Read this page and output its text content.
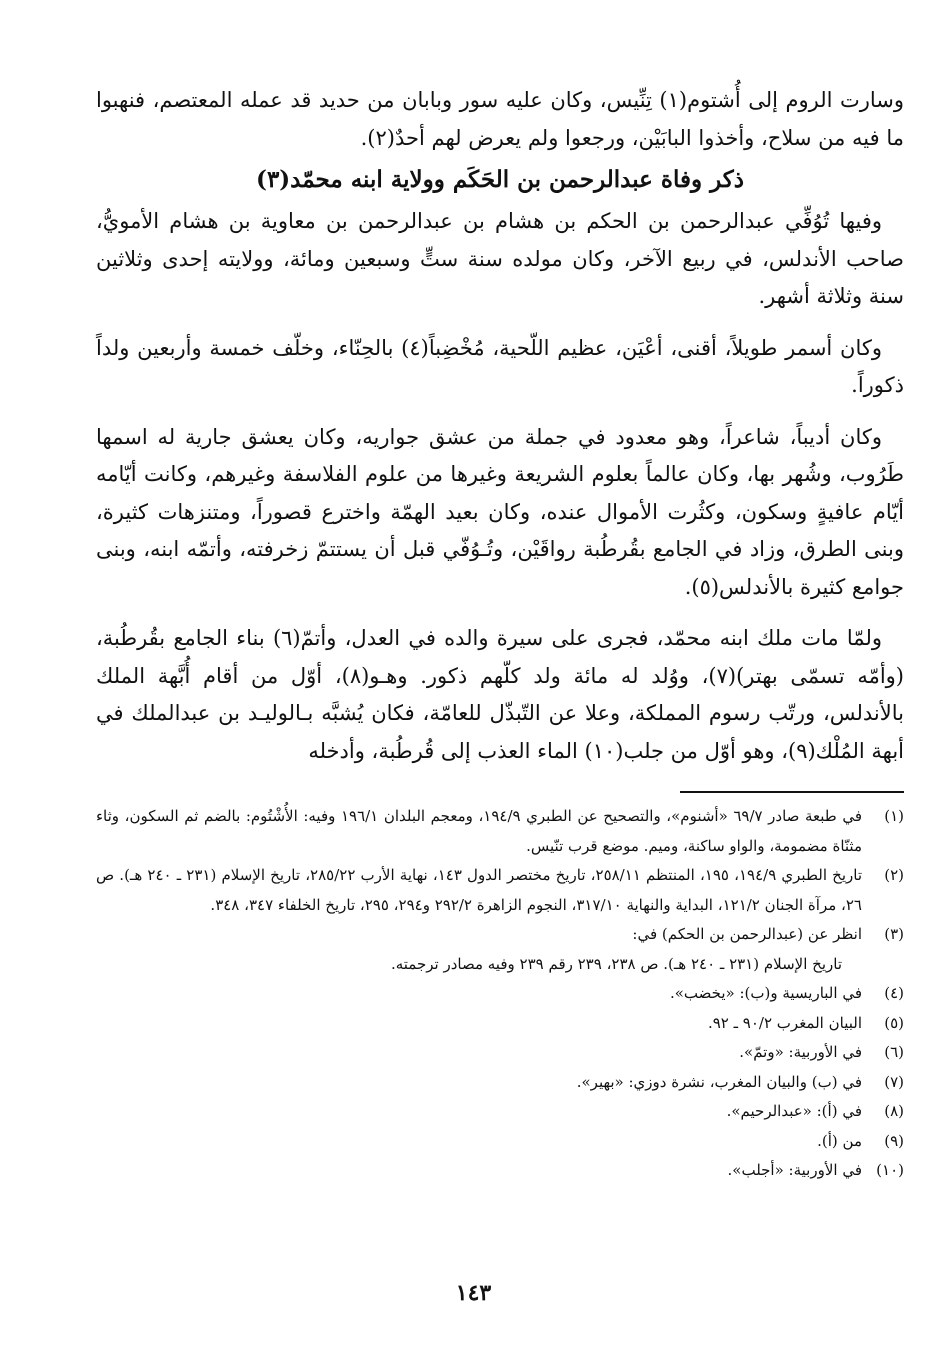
وسارت الروم إلى أُشتوم(١) تِنِّيس، وكان عليه سور وبابان من حديد قد عمله المعتصم، فنهبوا ما فيه من سلاح، وأخذوا البابَيْن، ورجعوا ولم يعرض لهم أحدٌ(٢).

ذكر وفاة عبدالرحمن بن الحَكَم وولاية ابنه محمّد(٣)

وفيها تُوُفِّي عبدالرحمن بن الحكم بن هشام بن عبدالرحمن بن معاوية بن هشام الأمويُّ، صاحب الأندلس، في ربيع الآخر، وكان مولده سنة ستٍّ وسبعين ومائة، وولايته إحدى وثلاثين سنة وثلاثة أشهر.

وكان أسمر طويلاً، أقنى، أعْيَن، عظيم اللّحية، مُخْضِباً(٤) بالحِنّاء، وخلّف خمسة وأربعين ولداً ذكوراً.

وكان أديباً، شاعراً، وهو معدود في جملة من عشق جواريه، وكان يعشق جارية له اسمها طَرُوب، وشُهر بها، وكان عالماً بعلوم الشريعة وغيرها من علوم الفلاسفة وغيرهم، وكانت أيّامه أيّام عافيةٍ وسكون، وكثُرت الأموال عنده، وكان بعيد الهمّة واخترع قصوراً، ومتنزهات كثيرة، وبنى الطرق، وزاد في الجامع بقُرطُبة رواقَيْن، وتُـوُفّي قبل أن يستتمّ زخرفته، وأتمّه ابنه، وبنى جوامع كثيرة بالأندلس(٥).

ولمّا مات ملك ابنه محمّد، فجرى على سيرة والده في العدل، وأتمّ(٦) بناء الجامع بقُرطُبة، (وأمّه تسمّى بهتر)(٧)، ووُلد له مائة ولد كلّهم ذكور. وهـو(٨)، أوّل من أقام أُبَّهة الملك بالأندلس، ورتّب رسوم المملكة، وعلا عن التّبذّل للعامّة، فكان يُشبَّه بـالوليـد بن عبدالملك في أبهة المُلْك(٩)، وهو أوّل من جلب(١٠) الماء العذب إلى قُرطُبة، وأدخله

(١)
في طبعة صادر ٦٩/٧ «أشنوم»، والتصحيح عن الطبري ١٩٤/٩، ومعجم البلدان ١٩٦/١ وفيه: الأُشْتُوم: بالضم ثم السكون، وثاء مثنّاة مضمومة، والواو ساكنة، وميم. موضع قرب تنّيس.
(٢)
تاريخ الطبري ١٩٤/٩، ١٩٥، المنتظم ٢٥٨/١١، تاريخ مختصر الدول ١٤٣، نهاية الأرب ٢٨٥/٢٢، تاريخ الإسلام (٢٣١ ـ ٢٤٠ هـ). ص ٢٦، مرآة الجنان ١٢١/٢، البداية والنهاية ٣١٧/١٠، النجوم الزاهرة ٢٩٢/٢ و٢٩٤، ٢٩٥، تاريخ الخلفاء ٣٤٧، ٣٤٨.
(٣)
انظر عن (عبدالرحمن بن الحكم) في:
تاريخ الإسلام (٢٣١ ـ ٢٤٠ هـ). ص ٢٣٨، ٢٣٩ رقم ٢٣٩ وفيه مصادر ترجمته.
(٤)
في الباريسية و(ب): «يخضب».
(٥)
البيان المغرب ٩٠/٢ ـ ٩٢.
(٦)
في الأوربية: «وتمّ».
(٧)
في (ب) والبيان المغرب، نشرة دوزي: «بهير».
(٨)
في (أ): «عبدالرحيم».
(٩)
من (أ).
(١٠)
في الأوربية: «أجلب».
١٤٣
